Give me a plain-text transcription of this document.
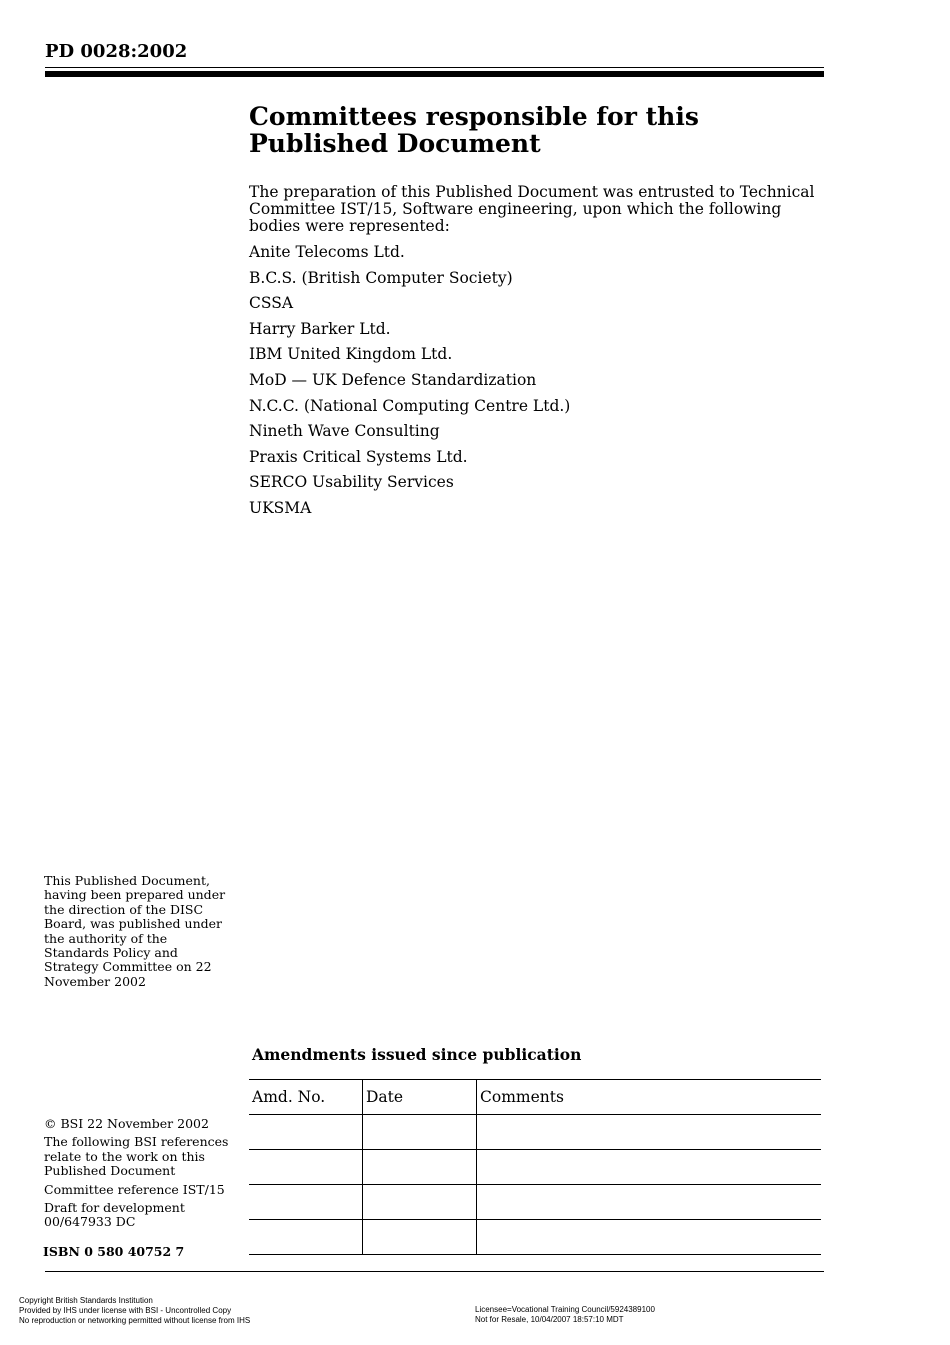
PD 0028:2002
Committees responsible for this
Published Document
The preparation of this Published Document was entrusted to Technical Committee IST/15, Software engineering, upon which the following bodies were represented:
Anite Telecoms Ltd.
B.C.S. (British Computer Society)
CSSA
Harry Barker Ltd.
IBM United Kingdom Ltd.
MoD — UK Defence Standardization
N.C.C. (National Computing Centre Ltd.)
Nineth Wave Consulting
Praxis Critical Systems Ltd.
SERCO Usability Services
UKSMA
This Published Document, having been prepared under the direction of the DISC Board, was published under the authority of the Standards Policy and Strategy Committee on 22 November 2002
Amendments issued since publication
Amd. No.	Date	Comments

© BSI 22 November 2002
The following BSI references relate to the work on this Published Document
Committee reference IST/15
Draft for development 00/647933 DC
ISBN 0 580 40752 7
Copyright British Standards Institution
Provided by IHS under license with BSI - Uncontrolled Copy
No reproduction or networking permitted without license from IHS
Licensee=Vocational Training Council/5924389100
Not for Resale, 10/04/2007 18:57:10 MDT
